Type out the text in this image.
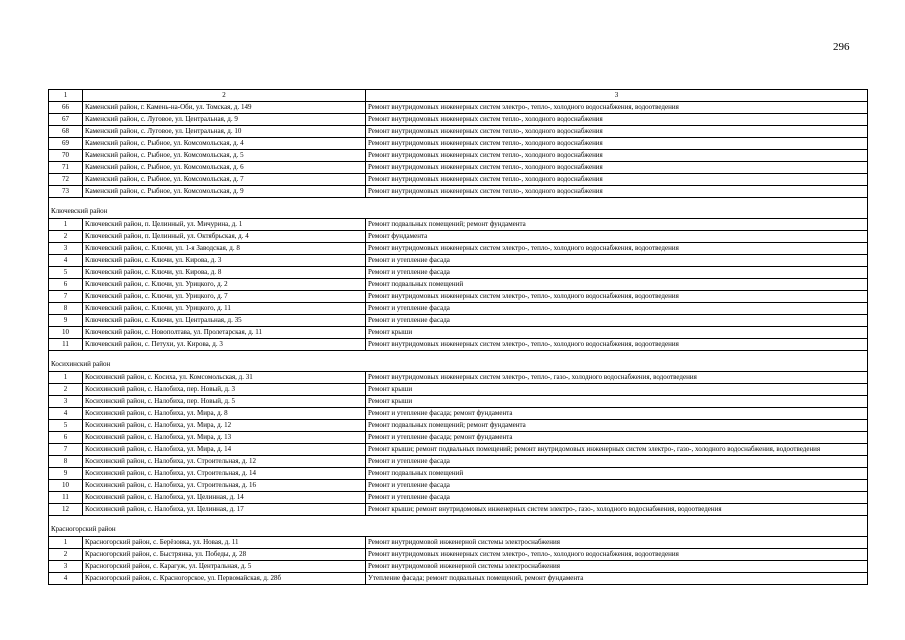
296
1	2	3
66	Каменский район, г. Камень-на-Оби, ул. Томская, д. 149	Ремонт внутридомовых инженерных систем электро-, тепло-, холодного водоснабжения, водоотведения
67	Каменский район, с. Луговое, ул. Центральная, д. 9	Ремонт внутридомовых инженерных систем тепло-, холодного водоснабжения
68	Каменский район, с. Луговое, ул. Центральная, д. 10	Ремонт внутридомовых инженерных систем тепло-, холодного водоснабжения
69	Каменский район, с. Рыбное, ул. Комсомольская, д. 4	Ремонт внутридомовых инженерных систем тепло-, холодного водоснабжения
70	Каменский район, с. Рыбное, ул. Комсомольская, д. 5	Ремонт внутридомовых инженерных систем тепло-, холодного водоснабжения
71	Каменский район, с. Рыбное, ул. Комсомольская, д. 6	Ремонт внутридомовых инженерных систем тепло-, холодного водоснабжения
72	Каменский район, с. Рыбное, ул. Комсомольская, д. 7	Ремонт внутридомовых инженерных систем тепло-, холодного водоснабжения
73	Каменский район, с. Рыбное, ул. Комсомольская, д. 9	Ремонт внутридомовых инженерных систем тепло-, холодного водоснабжения
Ключевский район		
1	Ключевский район, п. Целинный, ул. Мичурина, д. 1	Ремонт подвальных помещений; ремонт фундамента
2	Ключевский район, п. Целинный, ул. Октябрьская, д. 4	Ремонт фундамента
3	Ключевский район, с. Ключи, ул. 1-я Заводская, д. 8	Ремонт внутридомовых инженерных систем электро-, тепло-, холодного водоснабжения, водоотведения
4	Ключевский район, с. Ключи, ул. Кирова, д. 3	Ремонт и утепление фасада
5	Ключевский район, с. Ключи, ул. Кирова, д. 8	Ремонт и утепление фасада
6	Ключевский район, с. Ключи, ул. Урицкого, д. 2	Ремонт подвальных помещений
7	Ключевский район, с. Ключи, ул. Урицкого, д. 7	Ремонт внутридомовых инженерных систем электро-, тепло-, холодного водоснабжения, водоотведения
8	Ключевский район, с. Ключи, ул. Урицкого, д. 11	Ремонт и утепление фасада
9	Ключевский район, с. Ключи, ул. Центральная, д. 35	Ремонт и утепление фасада
10	Ключевский район, с. Новополтава, ул. Пролетарская, д. 11	Ремонт крыши
11	Ключевский район, с. Петухи, ул. Кирова, д. 3	Ремонт внутридомовых инженерных систем электро-, тепло-, холодного водоснабжения, водоотведения
Косихинский район		
1	Косихинский район, с. Косиха, ул. Комсомольская, д. 31	Ремонт внутридомовых инженерных систем электро-, тепло-, газо-, холодного водоснабжения, водоотведения
2	Косихинский район, с. Налобиха, пер. Новый, д. 3	Ремонт крыши
3	Косихинский район, с. Налобиха, пер. Новый, д. 5	Ремонт крыши
4	Косихинский район, с. Налобиха, ул. Мира, д. 8	Ремонт и утепление фасада; ремонт фундамента
5	Косихинский район, с. Налобиха, ул. Мира, д. 12	Ремонт подвальных помещений; ремонт фундамента
6	Косихинский район, с. Налобиха, ул. Мира, д. 13	Ремонт и утепление фасада; ремонт фундамента
7	Косихинский район, с. Налобиха, ул. Мира, д. 14	Ремонт крыши; ремонт подвальных помещений; ремонт внутридомовых инженерных систем электро-, газо-, холодного водоснабжения, водоотведения
8	Косихинский район, с. Налобиха, ул. Строительная, д. 12	Ремонт и утепление фасада
9	Косихинский район, с. Налобиха, ул. Строительная, д. 14	Ремонт подвальных помещений
10	Косихинский район, с. Налобиха, ул. Строительная, д. 16	Ремонт и утепление фасада
11	Косихинский район, с. Налобиха, ул. Целинная, д. 14	Ремонт и утепление фасада
12	Косихинский район, с. Налобиха, ул. Целинная, д. 17	Ремонт крыши; ремонт внутридомовых инженерных систем электро-, газо-, холодного водоснабжения, водоотведения
Красногорский район		
1	Красногорский район, с. Берёзовка, ул. Новая, д. 11	Ремонт внутридомовой инженерной системы электроснабжения
2	Красногорский район, с. Быстрянка, ул. Победы, д. 28	Ремонт внутридомовых инженерных систем электро-, тепло-, холодного водоснабжения, водоотведения
3	Красногорский район, с. Карагуж, ул. Центральная, д. 5	Ремонт внутридомовой инженерной системы электроснабжения
4	Красногорский район, с. Красногорское, ул. Первомайская, д. 28б	Утепление фасада; ремонт подвальных помещений, ремонт фундамента
